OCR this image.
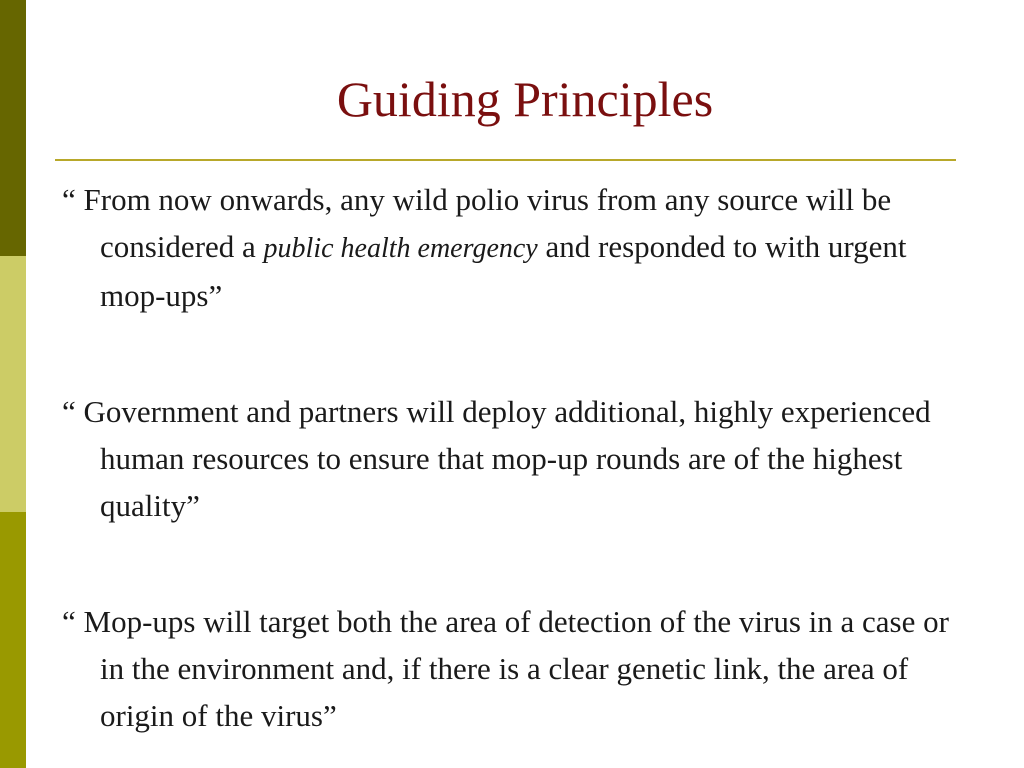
Guiding Principles
“ From now onwards, any wild polio virus from any source will be considered a public health emergency and responded to with urgent mop-ups”
“ Government and partners will deploy additional, highly experienced human resources to ensure that mop-up rounds are of the highest quality”
“ Mop-ups will target both the area of detection of the virus in a case or in the environment and, if there is a clear genetic link, the area of origin of the virus”
